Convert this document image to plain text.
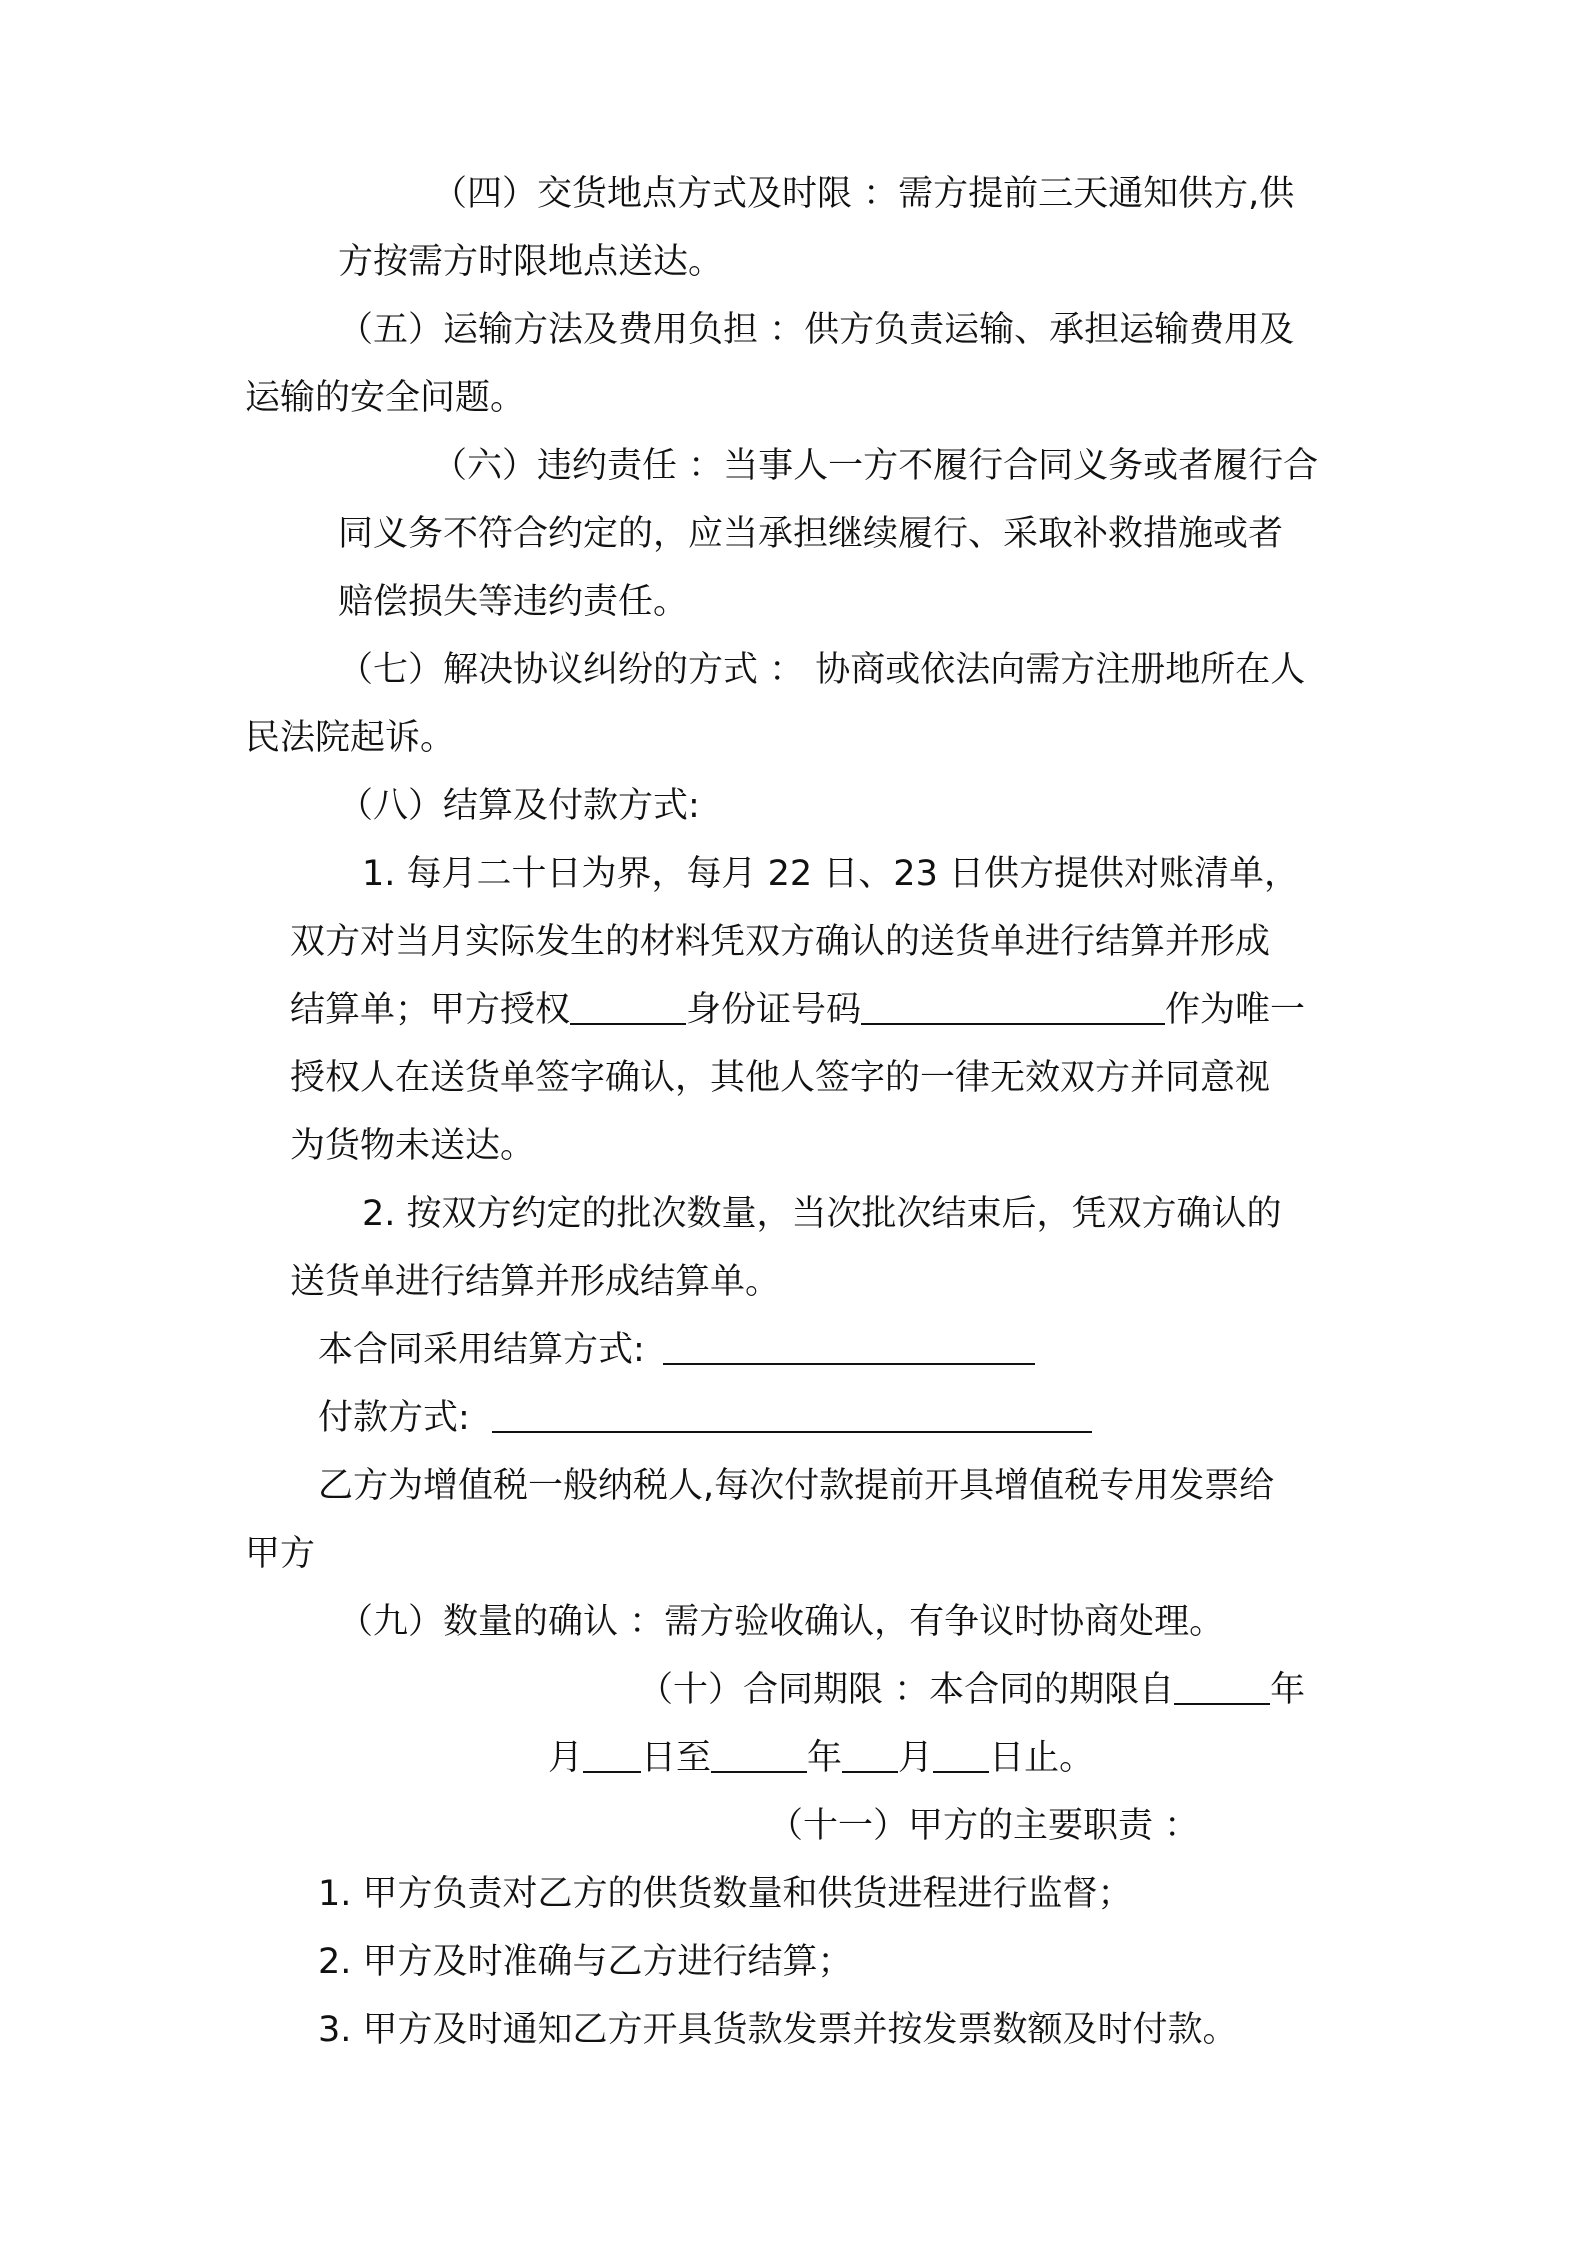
（四）交货地点方式及时限 ：需方提前三天通知供方,供
方按需方时限地点送达。
（五）运输方法及费用负担 ：供方负责运输、承担运输费用及
运输的安全问题。
（六）违约责任 ：当事人一方不履行合同义务或者履行合
同义务不符合约定的，应当承担继续履行、采取补救措施或者
赔偿损失等违约责任。
（七）解决协议纠纷的方式 ： 协商或依法向需方注册地所在人
民法院起诉。
（八）结算及付款方式:
1. 每月二十日为界，每月 22 日、23 日供方提供对账清单，
双方对当月实际发生的材料凭双方确认的送货单进行结算并形成
结算单；甲方授权	身份证号码	作为唯一
授权人在送货单签字确认，其他人签字的一律无效双方并同意视
为货物未送达。
2. 按双方约定的批次数量，当次批次结束后，凭双方确认的
送货单进行结算并形成结算单。
本合同采用结算方式:
付款方式:
乙方为增值税一般纳税人,每次付款提前开具增值税专用发票给
甲方
（九）数量的确认 ：需方验收确认，有争议时协商处理。
（十）合同期限 ：本合同的期限自	年
月 日至	年 月 日止。
（十一）甲方的主要职责 ：
1. 甲方负责对乙方的供货数量和供货进程进行监督；
2. 甲方及时准确与乙方进行结算；
3. 甲方及时通知乙方开具货款发票并按发票数额及时付款。
